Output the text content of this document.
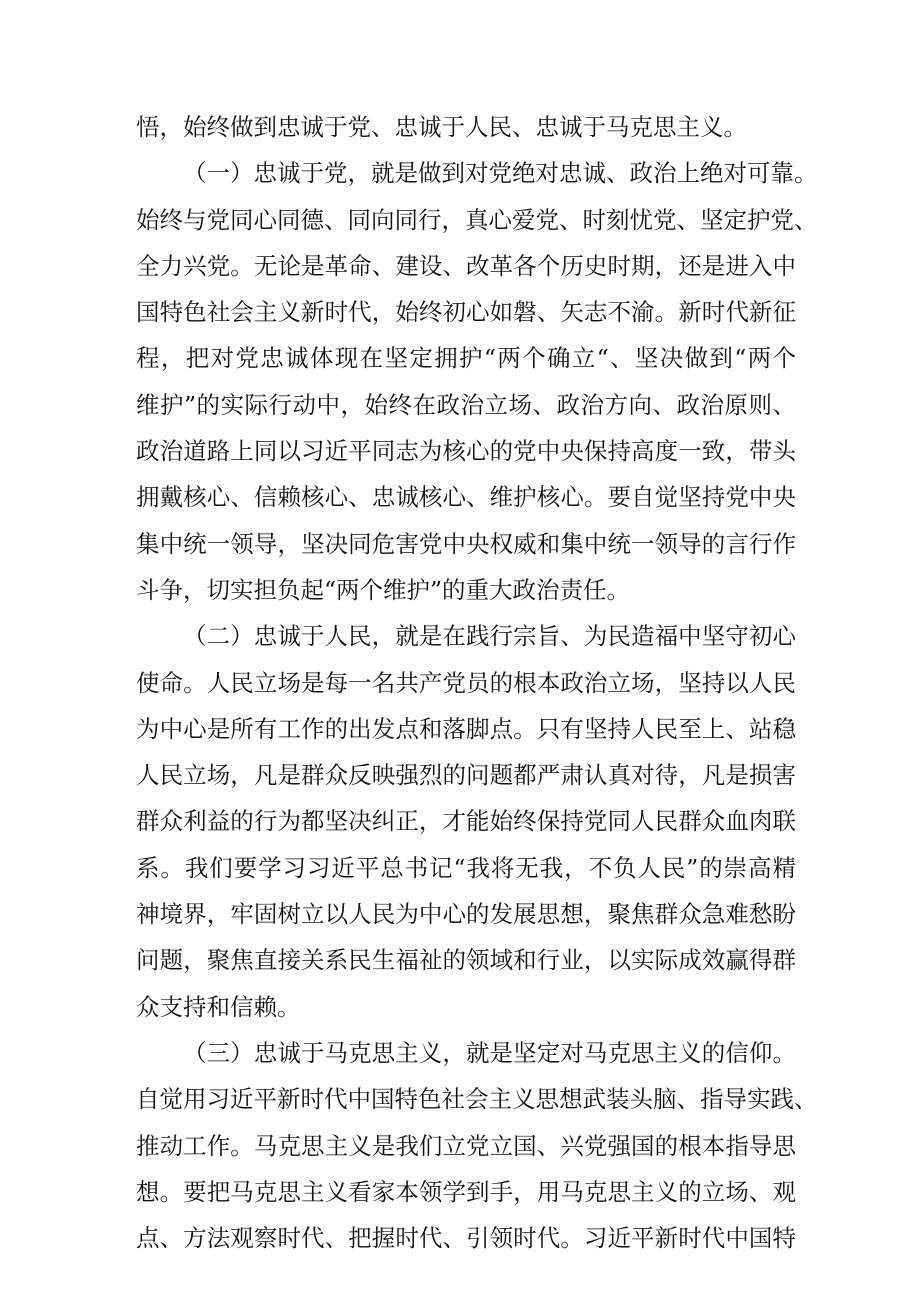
悟，始终做到忠诚于党、忠诚于人民、忠诚于马克思主义。
（一）忠诚于党，就是做到对党绝对忠诚、政治上绝对可靠。
始终与党同心同德、同向同行，真心爱党、时刻忧党、坚定护党、
全力兴党。无论是革命、建设、改革各个历史时期，还是进入中
国特色社会主义新时代，始终初心如磐、矢志不渝。新时代新征
程，把对党忠诚体现在坚定拥护“两个确立“、坚决做到“两个
维护”的实际行动中，始终在政治立场、政治方向、政治原则、
政治道路上同以习近平同志为核心的党中央保持高度一致，带头
拥戴核心、信赖核心、忠诚核心、维护核心。要自觉坚持党中央
集中统一领导，坚决同危害党中央权威和集中统一领导的言行作
斗争，切实担负起“两个维护”的重大政治责任。
（二）忠诚于人民，就是在践行宗旨、为民造福中坚守初心
使命。人民立场是每一名共产党员的根本政治立场，坚持以人民
为中心是所有工作的出发点和落脚点。只有坚持人民至上、站稳
人民立场，凡是群众反映强烈的问题都严肃认真对待，凡是损害
群众利益的行为都坚决纠正，才能始终保持党同人民群众血肉联
系。我们要学习习近平总书记“我将无我，不负人民”的崇高精
神境界，牢固树立以人民为中心的发展思想，聚焦群众急难愁盼
问题，聚焦直接关系民生福祉的领域和行业，以实际成效赢得群
众支持和信赖。
（三）忠诚于马克思主义，就是坚定对马克思主义的信仰。
自觉用习近平新时代中国特色社会主义思想武装头脑、指导实践、
推动工作。马克思主义是我们立党立国、兴党强国的根本指导思
想。要把马克思主义看家本领学到手，用马克思主义的立场、观
点、方法观察时代、把握时代、引领时代。习近平新时代中国特
